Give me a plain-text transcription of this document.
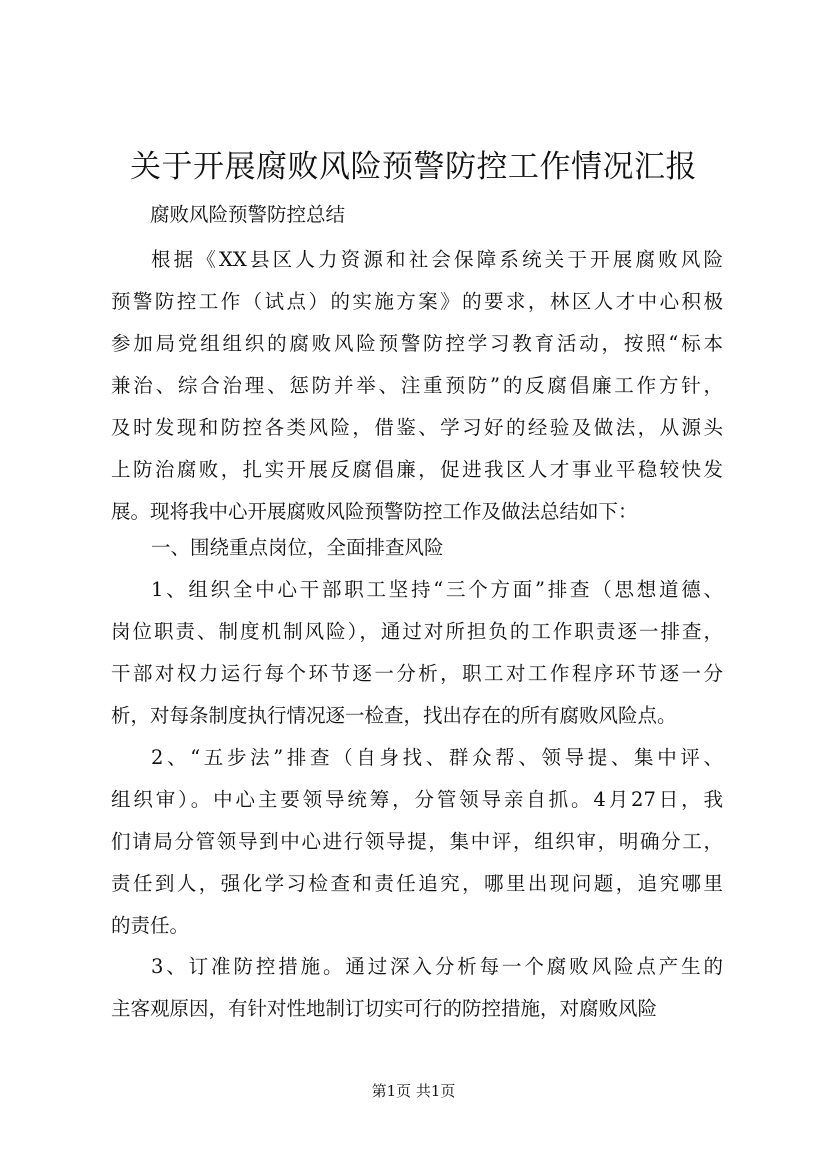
关于开展腐败风险预警防控工作情况汇报
腐败风险预警防控总结
根据《XX县区人力资源和社会保障系统关于开展腐败风险
预警防控工作（试点）的实施方案》的要求，林区人才中心积极
参加局党组组织的腐败风险预警防控学习教育活动，按照“标本
兼治、综合治理、惩防并举、注重预防”的反腐倡廉工作方针，
及时发现和防控各类风险，借鉴、学习好的经验及做法，从源头
上防治腐败，扎实开展反腐倡廉，促进我区人才事业平稳较快发
展。现将我中心开展腐败风险预警防控工作及做法总结如下：
一、围绕重点岗位，全面排查风险
1、组织全中心干部职工坚持“三个方面”排查（思想道德、
岗位职责、制度机制风险），通过对所担负的工作职责逐一排查，
干部对权力运行每个环节逐一分析，职工对工作程序环节逐一分
析，对每条制度执行情况逐一检查，找出存在的所有腐败风险点。
2、“五步法”排查（自身找、群众帮、领导提、集中评、
组织审）。中心主要领导统筹，分管领导亲自抓。4月27日，我
们请局分管领导到中心进行领导提，集中评，组织审，明确分工，
责任到人，强化学习检查和责任追究，哪里出现问题，追究哪里
的责任。
3、订准防控措施。通过深入分析每一个腐败风险点产生的
主客观原因，有针对性地制订切实可行的防控措施，对腐败风险
第1页 共1页
